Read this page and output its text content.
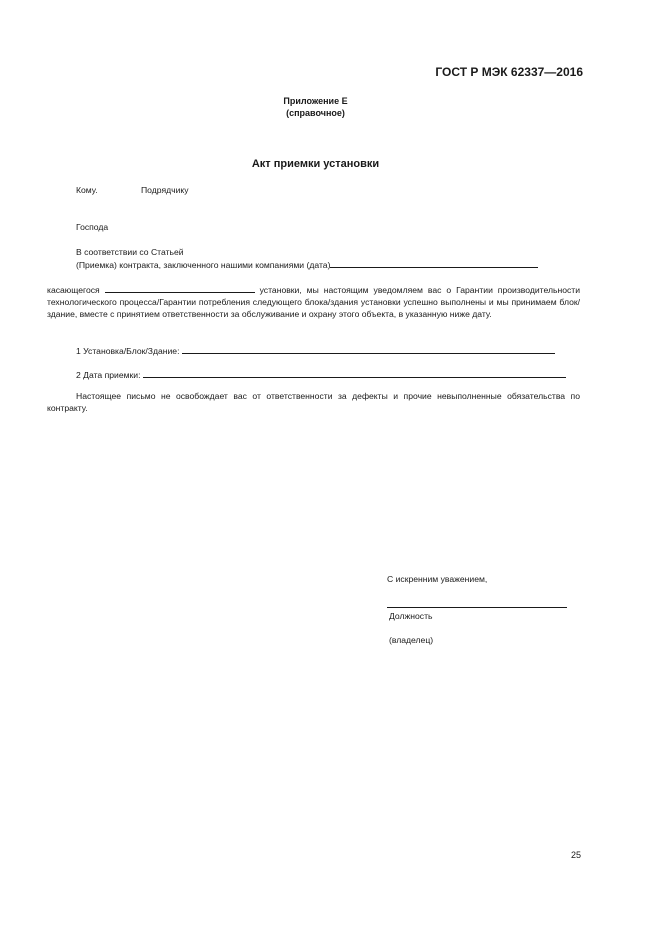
ГОСТ Р МЭК 62337—2016
Приложение Е
(справочное)
Акт приемки установки
Кому.	Подрядчику
Господа
В соответствии со Статьей
(Приемка) контракта, заключенного нашими компаниями (дата)
касающегося	установки, мы настоящим уведомляем вас о Гарантии производительности технологического процесса/Гарантии потребления следующего блока/здания установки успешно выполнены и мы принимаем блок/здание, вместе с принятием ответственности за обслуживание и охрану этого объекта, в указанную ниже дату.
1 Установка/Блок/Здание:
2 Дата приемки:
Настоящее письмо не освобождает вас от ответственности за дефекты и прочие невыполненные обязательства по контракту.
С искренним уважением,
Должность
(владелец)
25
